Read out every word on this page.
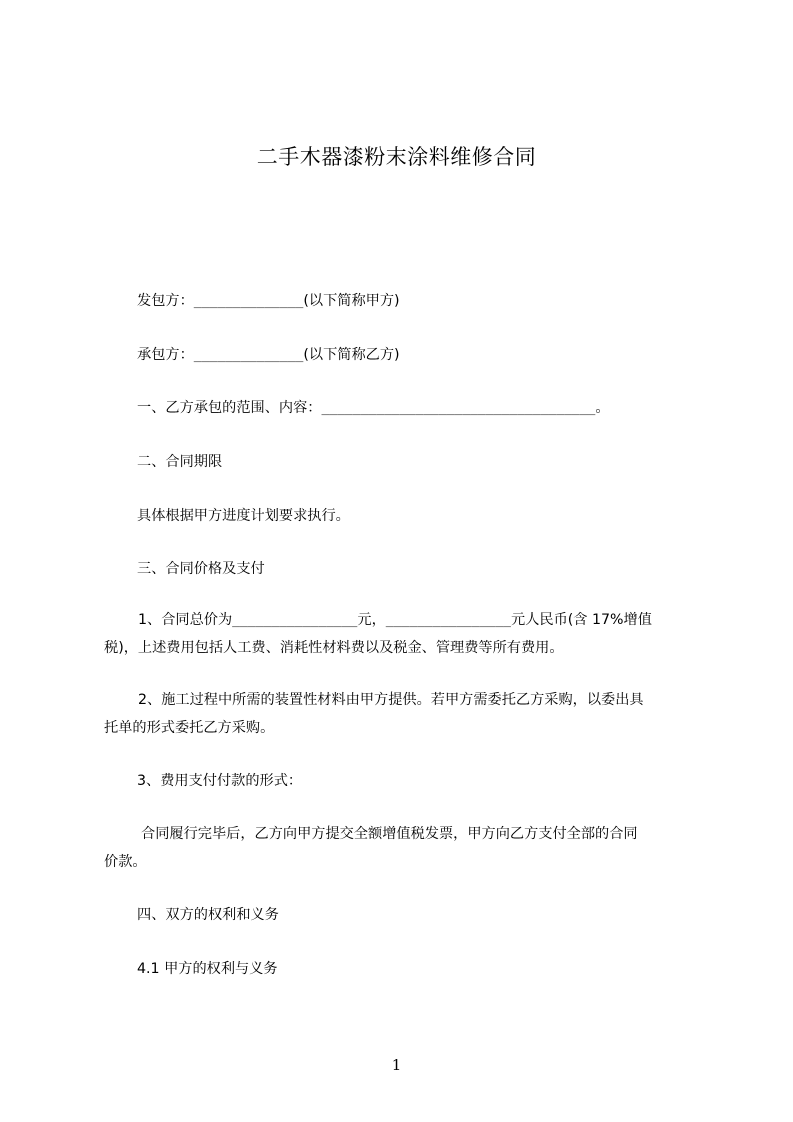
二手木器漆粉末涂料维修合同
发包方：______________(以下简称甲方)
承包方：______________(以下简称乙方)
一、乙方承包的范围、内容：___________________________________。
二、合同期限
具体根据甲方进度计划要求执行。
三、合同价格及支付
1、合同总价为________________元，________________元人民币(含 17%增值
税)，上述费用包括人工费、消耗性材料费以及税金、管理费等所有费用。
2、施工过程中所需的装置性材料由甲方提供。若甲方需委托乙方采购，以委出具
托单的形式委托乙方采购。
3、费用支付付款的形式：
合同履行完毕后，乙方向甲方提交全额增值税发票，甲方向乙方支付全部的合同
价款。
四、双方的权利和义务
4.1 甲方的权利与义务
1
